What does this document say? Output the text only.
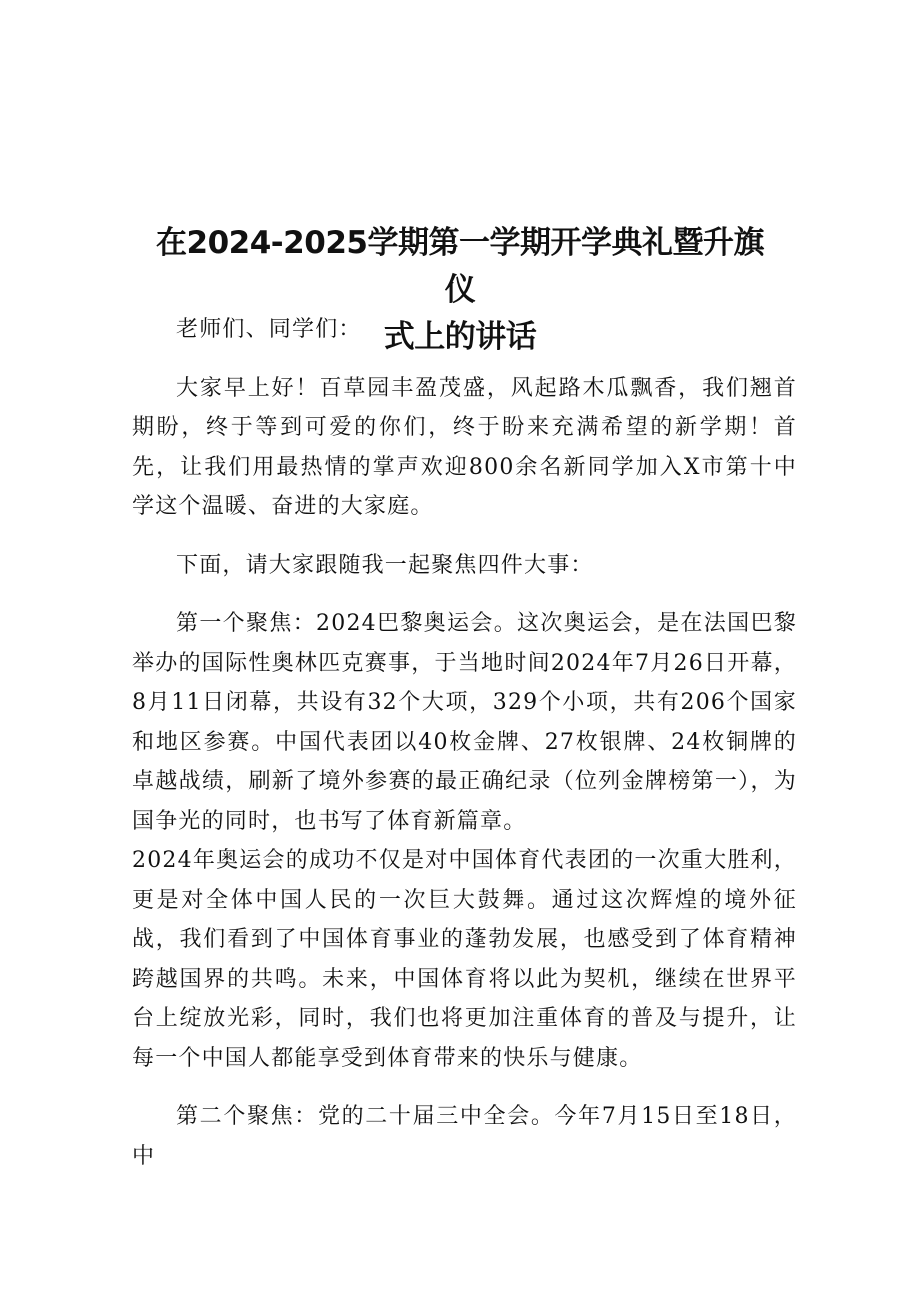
在2024-2025学期第一学期开学典礼暨升旗仪
式上的讲话

老师们、同学们：

大家早上好！百草园丰盈茂盛，风起路木瓜飘香，我们翘首期盼，终于等到可爱的你们，终于盼来充满希望的新学期！首先，让我们用最热情的掌声欢迎800余名新同学加入X市第十中学这个温暖、奋进的大家庭。

下面，请大家跟随我一起聚焦四件大事：

第一个聚焦：2024巴黎奥运会。这次奥运会，是在法国巴黎举办的国际性奥林匹克赛事，于当地时间2024年7月26日开幕，8月11日闭幕，共设有32个大项，329个小项，共有206个国家和地区参赛。中国代表团以40枚金牌、27枚银牌、24枚铜牌的卓越战绩，刷新了境外参赛的最正确纪录（位列金牌榜第一），为国争光的同时，也书写了体育新篇章。

2024年奥运会的成功不仅是对中国体育代表团的一次重大胜利，更是对全体中国人民的一次巨大鼓舞。通过这次辉煌的境外征战，我们看到了中国体育事业的蓬勃发展，也感受到了体育精神跨越国界的共鸣。未来，中国体育将以此为契机，继续在世界平台上绽放光彩，同时，我们也将更加注重体育的普及与提升，让每一个中国人都能享受到体育带来的快乐与健康。

第二个聚焦：党的二十届三中全会。今年7月15日至18日，中
